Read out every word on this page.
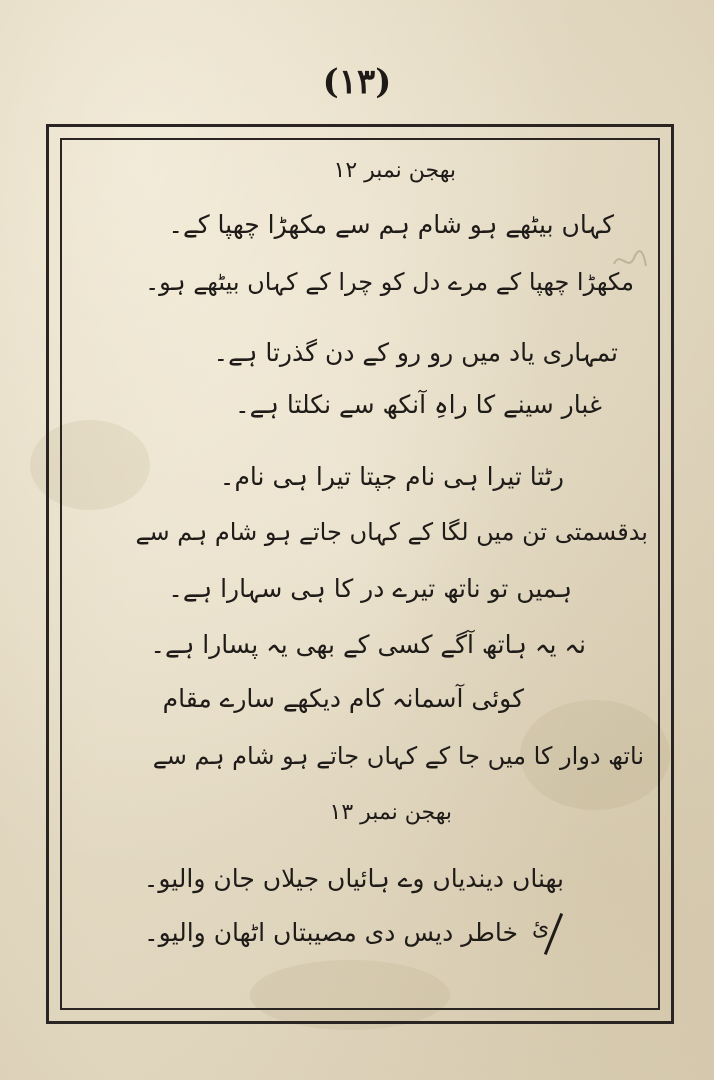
(۱۳)
بھجن نمبر ۱۲
کہاں بیٹھے ہو شام ہم سے مکھڑا چھپا کے۔
مکھڑا چھپا کے مرے دل کو چرا کے کہاں بیٹھے ہو۔
تمہاری یاد میں رو رو کے دن گذرتا ہے۔
غبار سینے کا راہِ آنکھ سے نکلتا ہے۔
رٹتا تیرا ہی نام جپتا تیرا ہی نام۔
بدقسمتی تن میں لگا کے کہاں جاتے ہو شام ہم سے
ہمیں تو ناتھ تیرے در کا ہی سہارا ہے۔
نہ یہ ہاتھ آگے کسی کے بھی یہ پسارا ہے۔
کوئی آسمانہ کام دیکھے سارے مقام
ناتھ دوار کا میں جا کے کہاں جاتے ہو شام ہم سے
بھجن نمبر ۱۳
بھناں دیندیاں وے ہائیاں جیلاں جان والیو۔
خاطر دیس دی مصیبتاں اٹھان والیو۔ ئ
